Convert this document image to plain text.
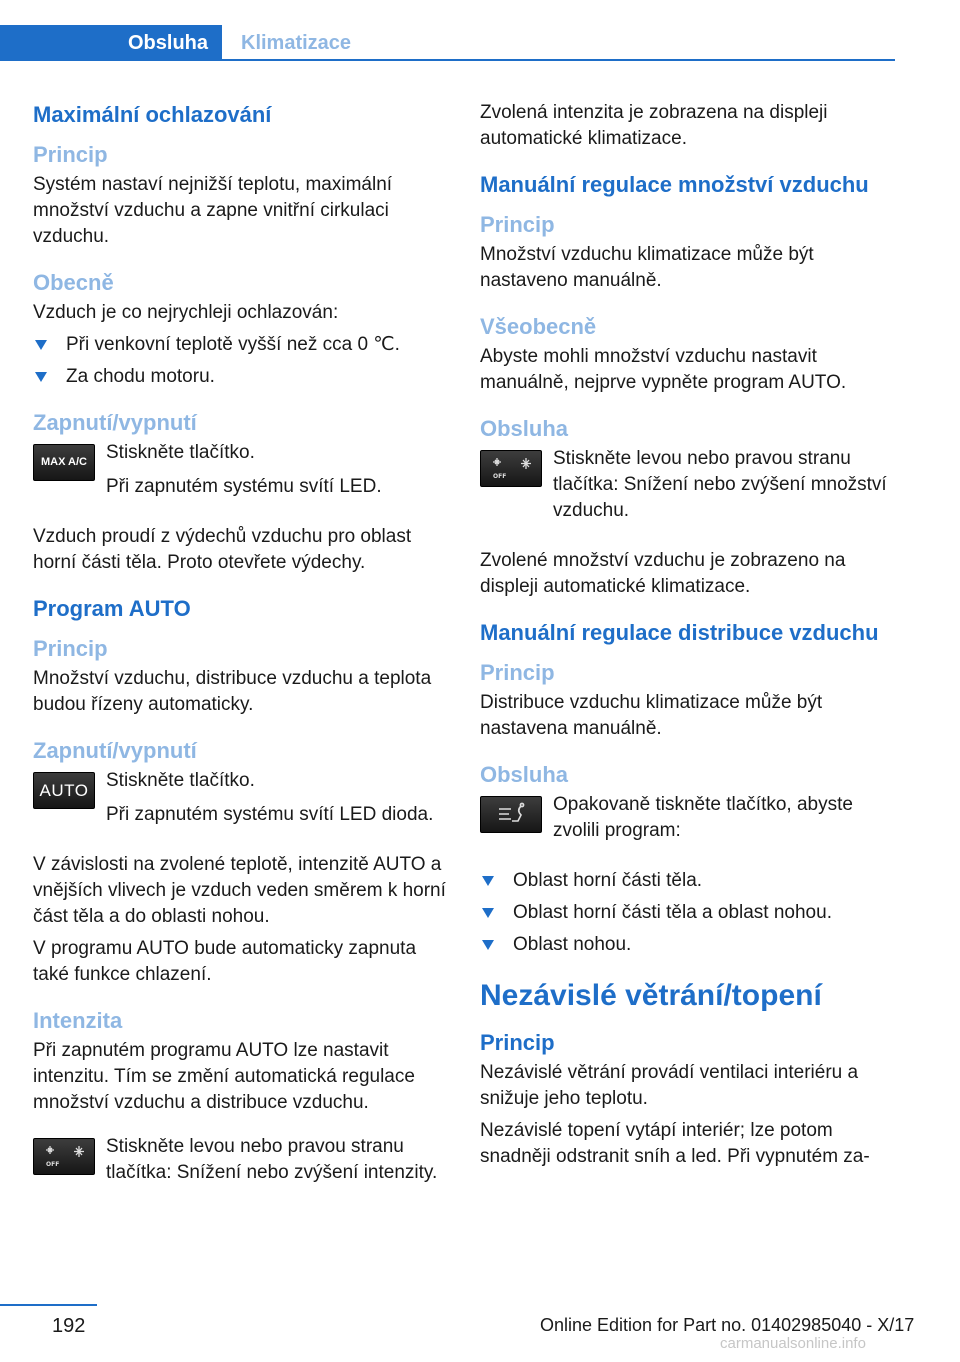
Obsluha	Klimatizace
Maximální ochlazování
Princip

Systém nastaví nejnižší teplotu, maximální množství vzduchu a zapne vnitřní cirkulaci vzduchu.

Obecně

Vzduch je co nejrychleji ochlazován:

Při venkovní teplotě vyšší než cca 0 ℃.
Za chodu motoru.
Zapnutí/vypnutí
MAX A/C Stiskněte tlačítko.

Při zapnutém systému svítí LED.

Vzduch proudí z výdechů vzduchu pro oblast horní části těla. Proto otevřete výdechy.

Program AUTO
Princip

Množství vzduchu, distribuce vzduchu a teplota budou řízeny automaticky.

Zapnutí/vypnutí
AUTO Stiskněte tlačítko.

Při zapnutém systému svítí LED dioda.

V závislosti na zvolené teplotě, intenzitě AUTO a vnějších vlivech je vzduch veden směrem k horní část těla a do oblasti nohou.

V programu AUTO bude automaticky zapnuta také funkce chlazení.

Intenzita

Při zapnutém programu AUTO lze nastavit intenzitu. Tím se změní automatická regulace množství vzduchu a distribuce vzduchu.

OFF

Stiskněte levou nebo pravou stranu tlačítka: Snížení nebo zvýšení intenzity.

Zvolená intenzita je zobrazena na displeji automatické klimatizace.

Manuální regulace množství vzduchu
Princip

Množství vzduchu klimatizace může být nastaveno manuálně.

Všeobecně

Abyste mohli množství vzduchu nastavit manuálně, nejprve vypněte program AUTO.

Obsluha
OFF

Stiskněte levou nebo pravou stranu tlačítka: Snížení nebo zvýšení množství vzduchu.

Zvolené množství vzduchu je zobrazeno na displeji automatické klimatizace.

Manuální regulace distribuce vzduchu
Princip

Distribuce vzduchu klimatizace může být nastavena manuálně.

Obsluha

Opakovaně tiskněte tlačítko, abyste zvolili program:

Oblast horní části těla.
Oblast horní části těla a oblast nohou.
Oblast nohou.
Nezávislé větrání/topení
Princip

Nezávislé větrání provádí ventilaci interiéru a snižuje jeho teplotu.

Nezávislé topení vytápí interiér; lze potom snadněji odstranit sníh a led. Při vypnutém za-

192	Online Edition for Part no. 01402985040 - X/17
carmanualsonline.info
